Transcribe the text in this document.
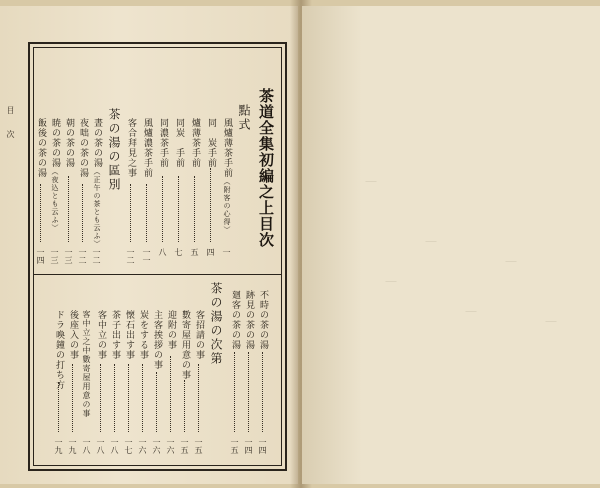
目
次	茶道全集初編之上目次
點式
風爐薄茶手前（附客の心得）
一
同　炭手前
四
爐薄茶手前
五
同炭　手前
七
同濃茶手前
八
風爐濃茶手前
一一
客合拜見之事
一二
茶の湯の區別
晝の茶の湯（正午の茶とも云ふ）
一二
夜咄の茶の湯
一二
朝の茶の湯
一三
暁の茶の湯（夜込とも云ふ）
一三
飯後の茶の湯
一四
不時の茶の湯
一四
跡見の茶の湯
一四
廻客の茶の湯
一五
茶の湯の次第
客招請の事
一五
數寄屋用意の事
一五
迎附の事
一六
主客挨拶の事
一六
炭をする事
一六
懐石出す事
一七
茶子出す事
一八
客中立の事
一八
客中立之中數寄屋用意の事
一八
後座入の事
一九
ドラ喚鐘の打ち方
一九
｜
｜
｜
｜
｜
｜
